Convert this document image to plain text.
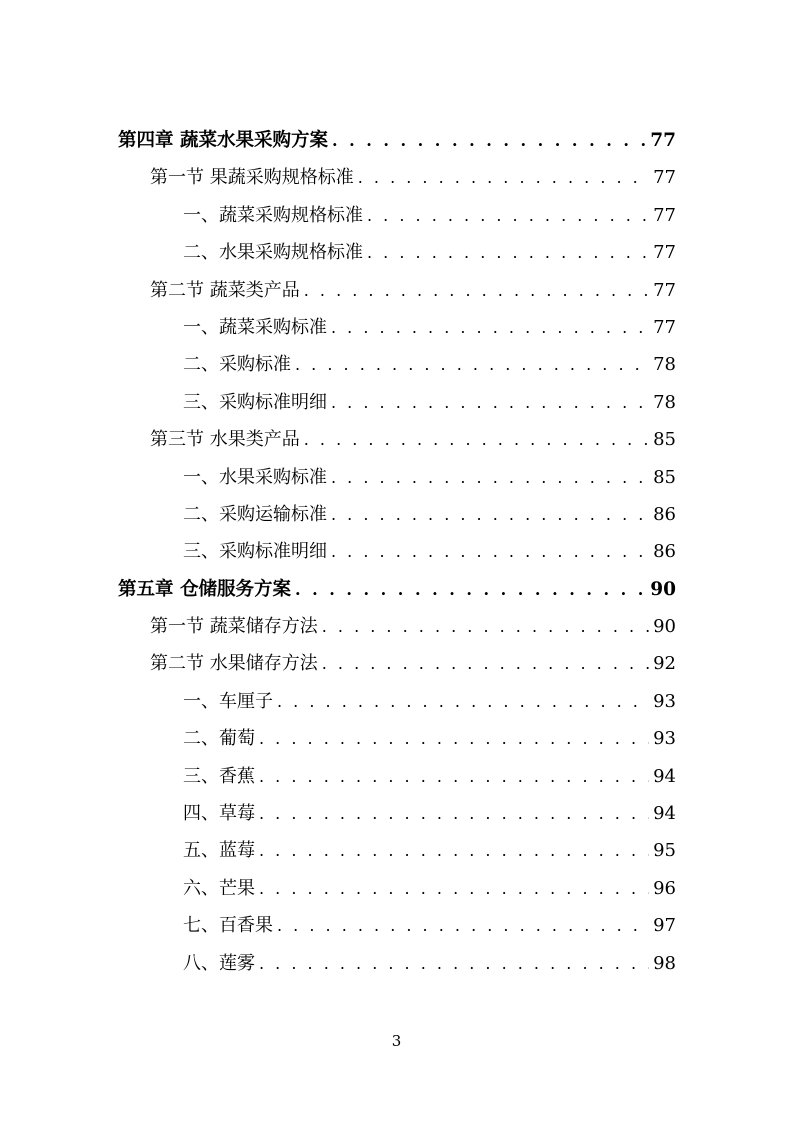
第四章 蔬菜水果采购方案 . . .	77
第一节 果蔬采购规格标准 . . .	77
一、蔬菜采购规格标准 . . .	77
二、水果采购规格标准 . . .	77
第二节 蔬菜类产品 . . .	77
一、蔬菜采购标准 . . .	77
二、采购标准 . . .	78
三、采购标准明细 . . .	78
第三节 水果类产品 . . .	85
一、水果采购标准 . . .	85
二、采购运输标准 . . .	86
三、采购标准明细 . . .	86
第五章 仓储服务方案 . . .	90
第一节 蔬菜储存方法 . . .	90
第二节 水果储存方法 . . .	92
一、车厘子 . . .	93
二、葡萄 . . .	93
三、香蕉 . . .	94
四、草莓 . . .	94
五、蓝莓 . . .	95
六、芒果 . . .	96
七、百香果 . . .	97
八、莲雾 . . .	98
3
